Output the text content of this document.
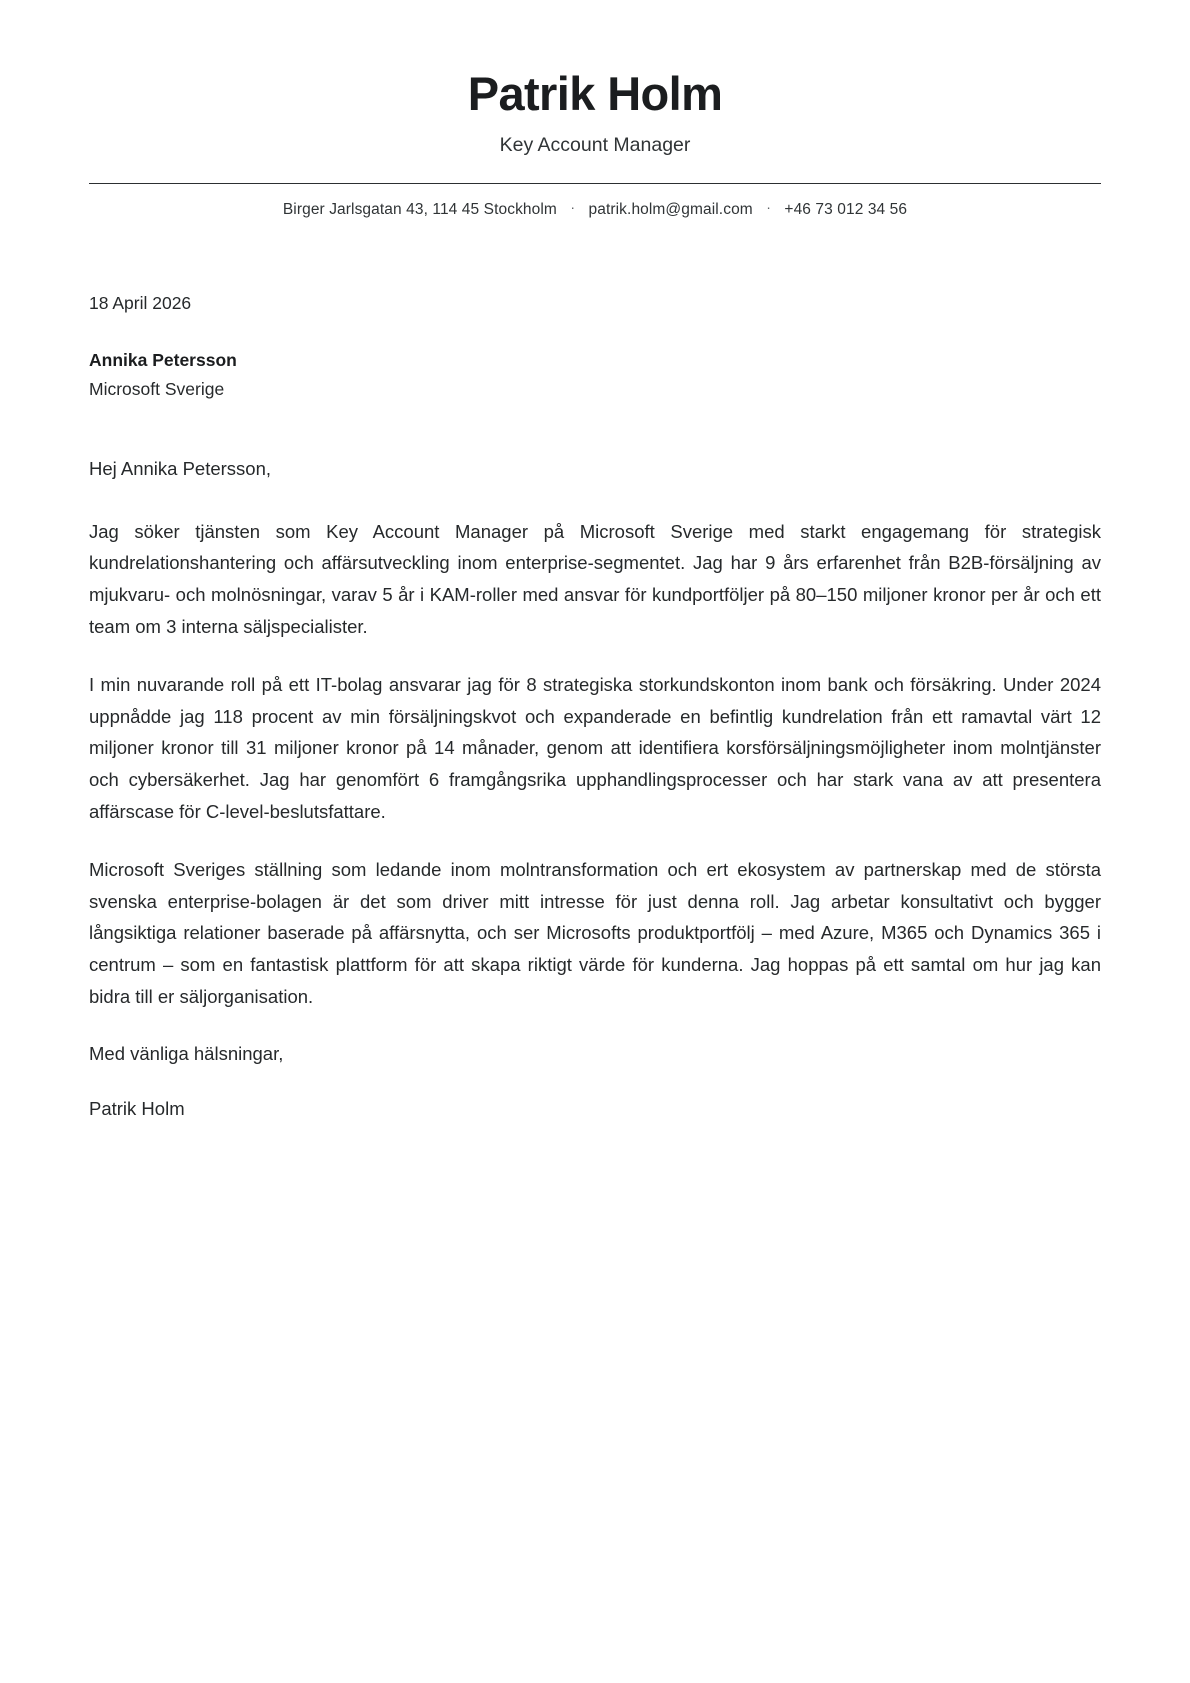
Patrik Holm
Key Account Manager
Birger Jarlsgatan 43, 114 45 Stockholm · patrik.holm@gmail.com · +46 73 012 34 56
18 April 2026
Annika Petersson
Microsoft Sverige

Hej Annika Petersson,

Jag söker tjänsten som Key Account Manager på Microsoft Sverige med starkt engagemang för strategisk kundrelationshantering och affärsutveckling inom enterprise-segmentet. Jag har 9 års erfarenhet från B2B-försäljning av mjukvaru- och molnösningar, varav 5 år i KAM-roller med ansvar för kundportföljer på 80–150 miljoner kronor per år och ett team om 3 interna säljspecialister.

I min nuvarande roll på ett IT-bolag ansvarar jag för 8 strategiska storkundskonton inom bank och försäkring. Under 2024 uppnådde jag 118 procent av min försäljningskvot och expanderade en befintlig kundrelation från ett ramavtal värt 12 miljoner kronor till 31 miljoner kronor på 14 månader, genom att identifiera korsförsäljningsmöjligheter inom molntjänster och cybersäkerhet. Jag har genomfört 6 framgångsrika upphandlingsprocesser och har stark vana av att presentera affärscase för C-level-beslutsfattare.

Microsoft Sveriges ställning som ledande inom molntransformation och ert ekosystem av partnerskap med de största svenska enterprise-bolagen är det som driver mitt intresse för just denna roll. Jag arbetar konsultativt och bygger långsiktiga relationer baserade på affärsnytta, och ser Microsofts produktportfölj – med Azure, M365 och Dynamics 365 i centrum – som en fantastisk plattform för att skapa riktigt värde för kunderna. Jag hoppas på ett samtal om hur jag kan bidra till er säljorganisation.

Med vänliga hälsningar,

Patrik Holm
